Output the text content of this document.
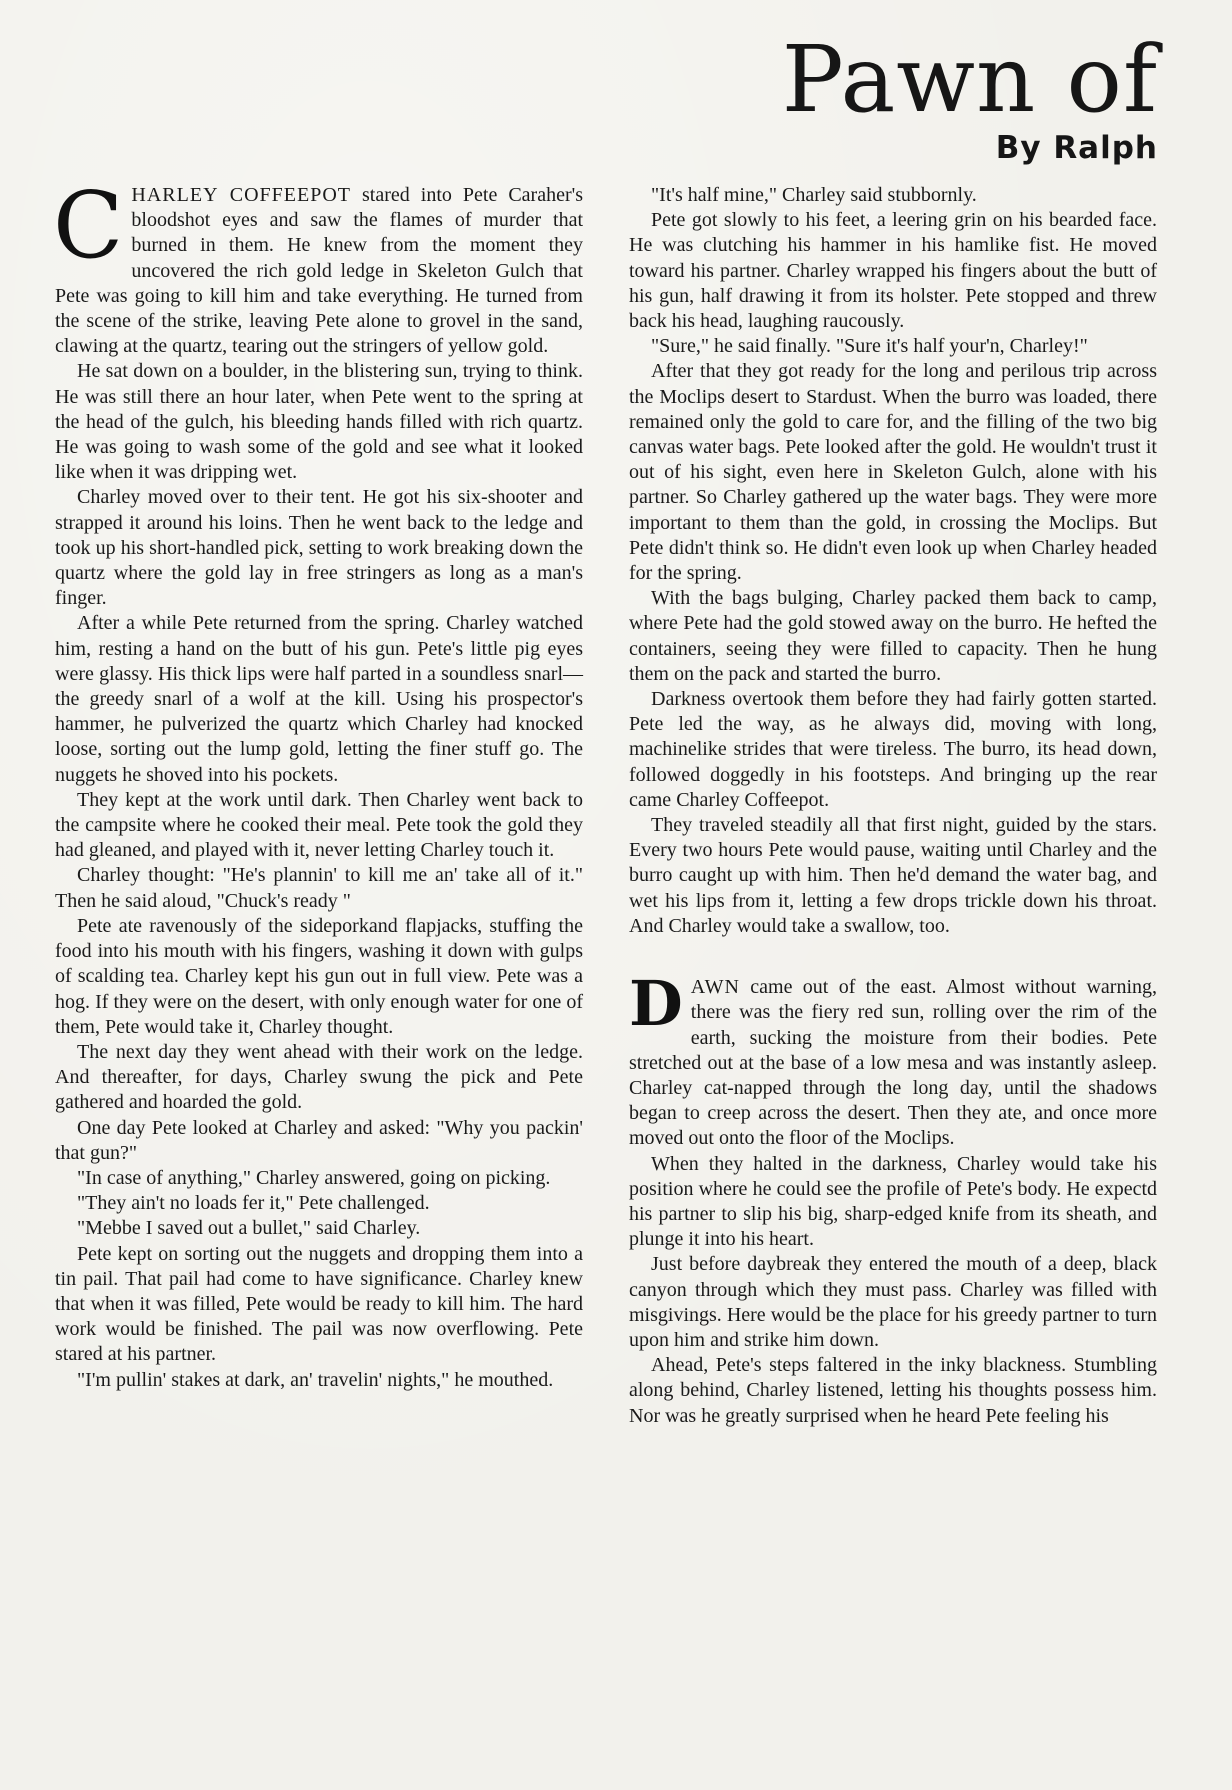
Pawn of
By Ralph

CHARLEY COFFEEPOT stared into Pete Caraher's bloodshot eyes and saw the flames of murder that burned in them. He knew from the moment they uncovered the rich gold ledge in Skeleton Gulch that Pete was going to kill him and take everything. He turned from the scene of the strike, leaving Pete alone to grovel in the sand, clawing at the quartz, tearing out the stringers of yellow gold.

He sat down on a boulder, in the blistering sun, trying to think. He was still there an hour later, when Pete went to the spring at the head of the gulch, his bleeding hands filled with rich quartz. He was going to wash some of the gold and see what it looked like when it was dripping wet.

Charley moved over to their tent. He got his six-shooter and strapped it around his loins. Then he went back to the ledge and took up his short-handled pick, setting to work breaking down the quartz where the gold lay in free stringers as long as a man's finger.

After a while Pete returned from the spring. Charley watched him, resting a hand on the butt of his gun. Pete's little pig eyes were glassy. His thick lips were half parted in a soundless snarl—the greedy snarl of a wolf at the kill. Using his prospector's hammer, he pulverized the quartz which Charley had knocked loose, sorting out the lump gold, letting the finer stuff go. The nuggets he shoved into his pockets.

They kept at the work until dark. Then Charley went back to the campsite where he cooked their meal. Pete took the gold they had gleaned, and played with it, never letting Charley touch it.

Charley thought: "He's plannin' to kill me an' take all of it." Then he said aloud, "Chuck's ready "

Pete ate ravenously of the sideporkand flapjacks, stuffing the food into his mouth with his fingers, washing it down with gulps of scalding tea. Charley kept his gun out in full view. Pete was a hog. If they were on the desert, with only enough water for one of them, Pete would take it, Charley thought.

The next day they went ahead with their work on the ledge. And thereafter, for days, Charley swung the pick and Pete gathered and hoarded the gold.

One day Pete looked at Charley and asked: "Why you packin' that gun?"

"In case of anything," Charley answered, going on picking.

"They ain't no loads fer it," Pete challenged.

"Mebbe I saved out a bullet," said Charley.

Pete kept on sorting out the nuggets and dropping them into a tin pail. That pail had come to have significance. Charley knew that when it was filled, Pete would be ready to kill him. The hard work would be finished. The pail was now overflowing. Pete stared at his partner.

"I'm pullin' stakes at dark, an' travelin' nights," he mouthed.

"It's half mine," Charley said stubbornly.

Pete got slowly to his feet, a leering grin on his bearded face. He was clutching his hammer in his hamlike fist. He moved toward his partner. Charley wrapped his fingers about the butt of his gun, half drawing it from its holster. Pete stopped and threw back his head, laughing raucously.

"Sure," he said finally. "Sure it's half your'n, Charley!"

After that they got ready for the long and perilous trip across the Moclips desert to Stardust. When the burro was loaded, there remained only the gold to care for, and the filling of the two big canvas water bags. Pete looked after the gold. He wouldn't trust it out of his sight, even here in Skeleton Gulch, alone with his partner. So Charley gathered up the water bags. They were more important to them than the gold, in crossing the Moclips. But Pete didn't think so. He didn't even look up when Charley headed for the spring.

With the bags bulging, Charley packed them back to camp, where Pete had the gold stowed away on the burro. He hefted the containers, seeing they were filled to capacity. Then he hung them on the pack and started the burro.

Darkness overtook them before they had fairly gotten started. Pete led the way, as he always did, moving with long, machinelike strides that were tireless. The burro, its head down, followed doggedly in his footsteps. And bringing up the rear came Charley Coffeepot.

They traveled steadily all that first night, guided by the stars. Every two hours Pete would pause, waiting until Charley and the burro caught up with him. Then he'd demand the water bag, and wet his lips from it, letting a few drops trickle down his throat. And Charley would take a swallow, too.

DAWN came out of the east. Almost without warning, there was the fiery red sun, rolling over the rim of the earth, sucking the moisture from their bodies. Pete stretched out at the base of a low mesa and was instantly asleep. Charley cat-napped through the long day, until the shadows began to creep across the desert. Then they ate, and once more moved out onto the floor of the Moclips.

When they halted in the darkness, Charley would take his position where he could see the profile of Pete's body. He expectd his partner to slip his big, sharp-edged knife from its sheath, and plunge it into his heart.

Just before daybreak they entered the mouth of a deep, black canyon through which they must pass. Charley was filled with misgivings. Here would be the place for his greedy partner to turn upon him and strike him down.

Ahead, Pete's steps faltered in the inky blackness. Stumbling along behind, Charley listened, letting his thoughts possess him. Nor was he greatly surprised when he heard Pete feeling his
